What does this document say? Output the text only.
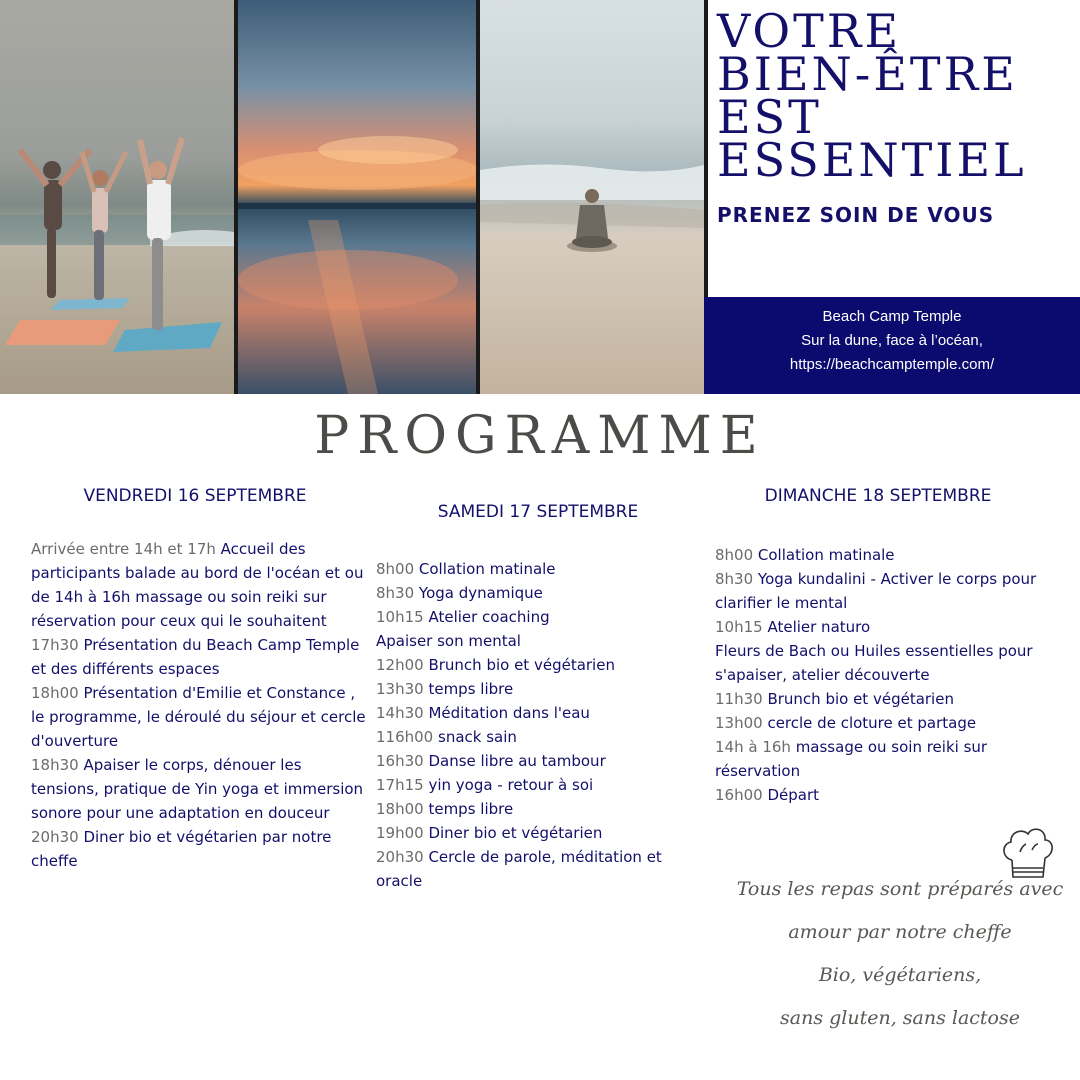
VOTRE
BIEN-ÊTRE
EST
ESSENTIEL

PRENEZ SOIN DE VOUS

Beach Camp Temple
Sur la dune, face à l’océan,
https://beachcamptemple.com/
PROGRAMME
VENDREDI 16 SEPTEMBRE
SAMEDI 17 SEPTEMBRE
DIMANCHE 18 SEPTEMBRE
Arrivée entre 14h et 17h Accueil des participants balade au bord de l'océan et ou de 14h à 16h massage ou soin reiki sur réservation pour ceux qui le souhaitent
17h30 Présentation du Beach Camp Temple et des différents espaces
18h00 Présentation d'Emilie et Constance , le programme, le déroulé du séjour et cercle d'ouverture
18h30 Apaiser le corps, dénouer les tensions, pratique de Yin yoga et immersion sonore pour une adaptation en douceur
20h30 Diner bio et végétarien par notre cheffe
8h00 Collation matinale
8h30 Yoga dynamique
10h15 Atelier coaching
Apaiser son mental
12h00 Brunch bio et végétarien
13h30 temps libre
14h30 Méditation dans l'eau
116h00 snack sain
16h30 Danse libre au tambour
17h15 yin yoga - retour à soi
18h00 temps libre
19h00 Diner bio et végétarien
20h30 Cercle de parole, méditation et oracle
8h00 Collation matinale
8h30 Yoga kundalini - Activer le corps pour clarifier le mental
10h15 Atelier naturo
Fleurs de Bach ou Huiles essentielles pour s'apaiser, atelier découverte
11h30 Brunch bio et végétarien
13h00 cercle de cloture et partage
14h à 16h massage ou soin reiki sur réservation
16h00 Départ
Tous les repas sont préparés avec
amour par notre cheffe
Bio, végétariens,
sans gluten, sans lactose
